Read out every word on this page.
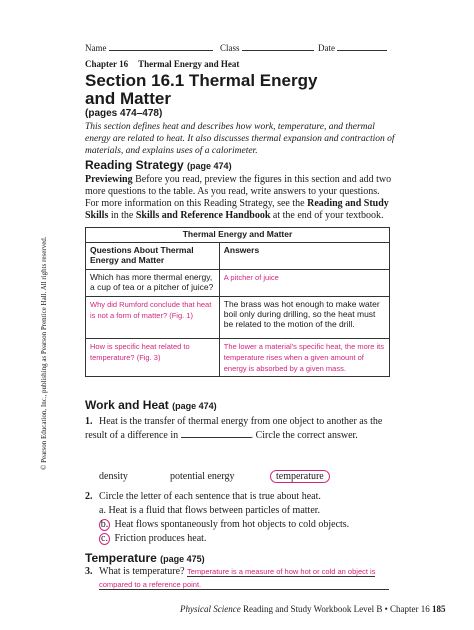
Name	Class	Date
Chapter 16 Thermal Energy and Heat
Section 16.1 Thermal Energy
and Matter
(pages 474–478)
This section defines heat and describes how work, temperature, and thermal energy are related to heat. It also discusses thermal expansion and contraction of materials, and explains uses of a calorimeter.
Reading Strategy (page 474)
Previewing Before you read, preview the figures in this section and add two more questions to the table. As you read, write answers to your questions. For more information on this Reading Strategy, see the Reading and Study Skills in the Skills and Reference Handbook at the end of your textbook.
Thermal Energy and Matter	
Questions About Thermal Energy and Matter	Answers
Which has more thermal energy, a cup of tea or a pitcher of juice?	A pitcher of juice
Why did Rumford conclude that heat is not a form of matter? (Fig. 1)	The brass was hot enough to make water boil only during drilling, so the heat must be related to the motion of the drill.
How is specific heat related to temperature? (Fig. 3)	The lower a material's specific heat, the more its temperature rises when a given amount of energy is absorbed by a given mass.
Work and Heat (page 474)
1. Heat is the transfer of thermal energy from one object to another as the result of a difference in	. Circle the correct answer.
density	potential energy	temperature
2. Circle the letter of each sentence that is true about heat.
a. Heat is a fluid that flows between particles of matter.
b. Heat flows spontaneously from hot objects to cold objects.
c. Friction produces heat.
Temperature (page 475)
3. What is temperature? Temperature is a measure of how hot or cold an object is
compared to a reference point.
© Pearson Education, Inc., publishing as Pearson Prentice Hall. All rights reserved.
Physical Science Reading and Study Workbook Level B • Chapter 16 185
